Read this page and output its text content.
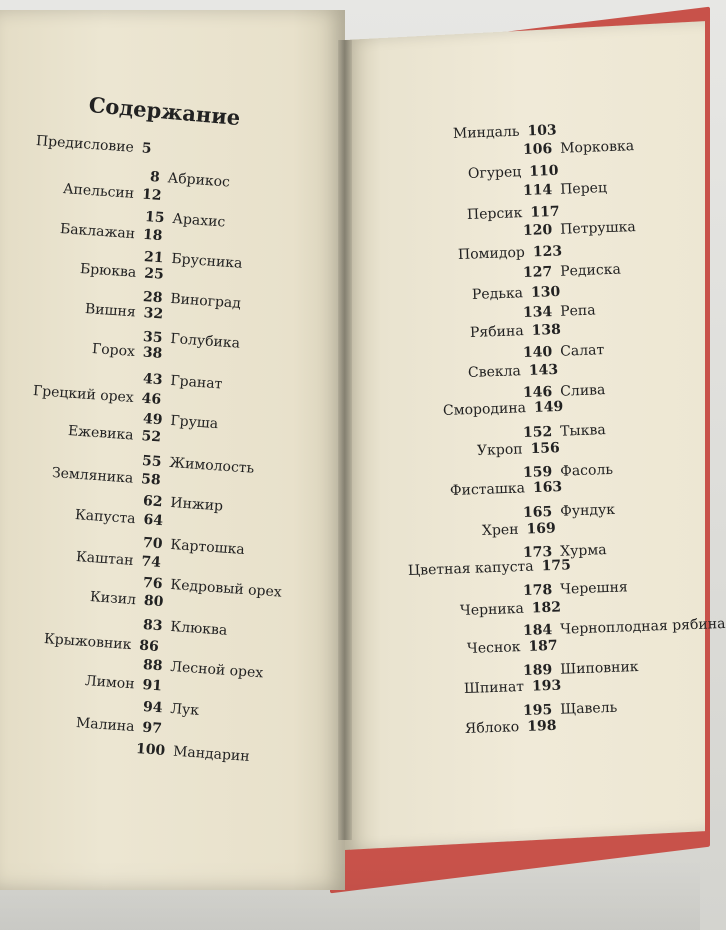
Содержание
Предисловие 5
8 Абрикос
Апельсин 12
15 Арахис
Баклажан 18
21 Брусника
Брюква 25
28 Виноград
Вишня 32
35 Голубика
Горох 38
43 Гранат
Грецкий орех 46
49 Груша
Ежевика 52
55 Жимолость
Земляника 58
62 Инжир
Капуста 64
70 Картошка
Каштан 74
76 Кедровый орех
Кизил 80
83 Клюква
Крыжовник 86
88 Лесной орех
Лимон 91
94 Лук
Малина 97
100 Мандарин
Миндаль 103
106 Морковка
Огурец 110
114 Перец
Персик 117
120 Петрушка
Помидор 123
127 Редиска
Редька 130
134 Репа
Рябина 138
140 Салат
Свекла 143
146 Слива
Смородина 149
152 Тыква
Укроп 156
159 Фасоль
Фисташка 163
165 Фундук
Хрен 169
173 Хурма
Цветная капуста 175
178 Черешня
Черника 182
184 Черноплодная рябина
Чеснок 187
189 Шиповник
Шпинат 193
195 Щавель
Яблоко 198
